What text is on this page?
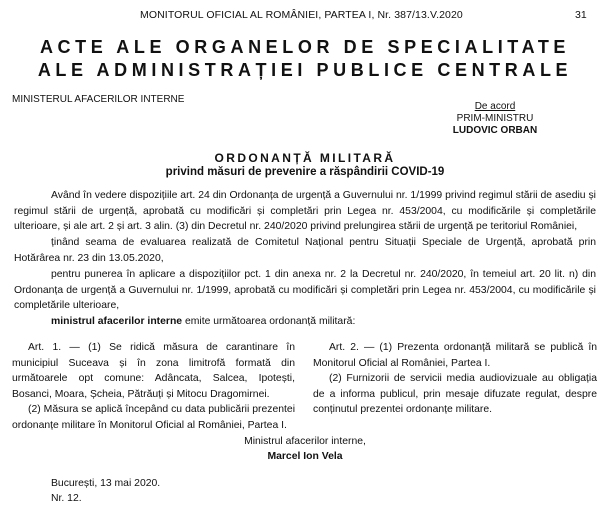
MONITORUL OFICIAL AL ROMÂNIEI, PARTEA I, Nr. 387/13.V.2020	31
ACTE ALE ORGANELOR DE SPECIALITATE
ALE ADMINISTRAȚIEI PUBLICE CENTRALE
MINISTERUL AFACERILOR INTERNE
De acord
PRIM-MINISTRU
LUDOVIC ORBAN
ORDONANȚĂ MILITARĂ
privind măsuri de prevenire a răspândirii COVID-19
Având în vedere dispozițiile art. 24 din Ordonanța de urgență a Guvernului nr. 1/1999 privind regimul stării de asediu și regimul stării de urgență, aprobată cu modificări și completări prin Legea nr. 453/2004, cu modificările și completările ulterioare, și ale art. 2 și art. 3 alin. (3) din Decretul nr. 240/2020 privind prelungirea stării de urgență pe teritoriul României,
ținând seama de evaluarea realizată de Comitetul Național pentru Situații Speciale de Urgență, aprobată prin Hotărârea nr. 23 din 13.05.2020,
pentru punerea în aplicare a dispozițiilor pct. 1 din anexa nr. 2 la Decretul nr. 240/2020, în temeiul art. 20 lit. n) din Ordonanța de urgență a Guvernului nr. 1/1999, aprobată cu modificări și completări prin Legea nr. 453/2004, cu modificările și completările ulterioare,
ministrul afacerilor interne emite următoarea ordonanță militară:

Art. 1. — (1) Se ridică măsura de carantinare în municipiul Suceava și în zona limitrofă formată din următoarele opt comune: Adâncata, Salcea, Ipotești, Bosanci, Moara, Șcheia, Pătrăuți și Mitocu Dragomirnei.

(2) Măsura se aplică începând cu data publicării prezentei ordonanțe militare în Monitorul Oficial al României, Partea I.

Art. 2. — (1) Prezenta ordonanță militară se publică în Monitorul Oficial al României, Partea I.

(2) Furnizorii de servicii media audiovizuale au obligația de a informa publicul, prin mesaje difuzate regulat, despre conținutul prezentei ordonanțe militare.

Ministrul afacerilor interne,
Marcel Ion Vela
București, 13 mai 2020.
Nr. 12.
